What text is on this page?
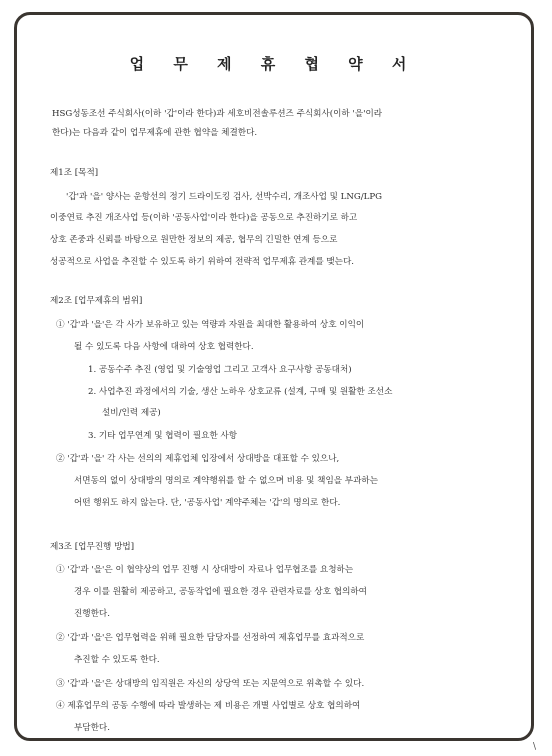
업 무 제 휴 협 약 서
HSG성동조선 주식회사(이하 '갑'이라 한다)과 세호비전솔루션즈 주식회사(이하 '을'이라
한다)는 다음과 같이 업무제휴에 관한 협약을 체결한다.
제1조 [목적]
'갑'과 '을' 양사는 운항선의 정기 드라이도킹 검사, 선박수리, 개조사업 및 LNG/LPG
이중연료 추진 개조사업 등(이하 '공동사업'이라 한다)을 공동으로 추진하기로 하고
상호 존중과 신뢰를 바탕으로 원만한 정보의 제공, 협무의 긴밀한 연계 등으로
성공적으로 사업을 추진할 수 있도록 하기 위하여 전략적 업무제휴 관계를 맺는다.
제2조 [업무제휴의 범위]
① '갑'과 '을'은 각 사가 보유하고 있는 역량과 자원을 최대한 활용하여 상호 이익이
될 수 있도록 다음 사항에 대하여 상호 협력한다.
1. 공동수주 추진 (영업 및 기술영업 그리고 고객사 요구사항 공동대처)
2. 사업추진 과정에서의 기술, 생산 노하우 상호교류 (설계, 구매 및 원활한 조선소
설비/인력 제공)
3. 기타 업무연계 및 협력이 필요한 사항
② '갑'과 '을' 각 사는 선의의 제휴업체 입장에서 상대방을 대표할 수 있으나,
서면동의 없이 상대방의 명의로 계약행위를 할 수 없으며 비용 및 책임을 부과하는
어떤 행위도 하지 않는다. 단, '공동사업' 계약주체는 '갑'의 명의로 한다.
제3조 [업무진행 방법]
① '갑'과 '을'은 이 협약상의 업무 진행 시 상대방이 자료나 업무협조를 요청하는
경우 이를 원활히 제공하고, 공동작업에 필요한 경우 관련자료를 상호 협의하여
진행한다.
② '갑'과 '을'은 업무협력을 위해 필요한 담당자를 선정하여 제휴업무를 효과적으로
추진할 수 있도록 한다.
③ '갑'과 '을'은 상대방의 임직원은 자신의 상당역 또는 지문역으로 위촉할 수 있다.
④ 제휴업무의 공동 수행에 따라 발생하는 제 비용은 개별 사업별로 상호 협의하여
부담한다.
\
